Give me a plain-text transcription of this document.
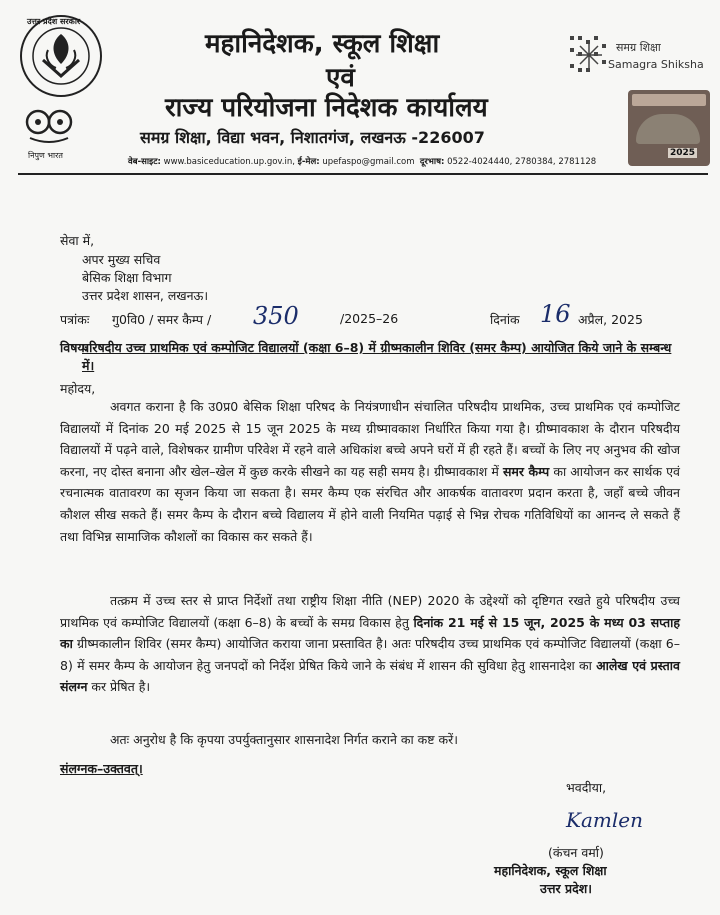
उत्तर प्रदेश सरकार
निपुण भारत
महानिदेशक, स्कूल शिक्षा
एवं
राज्य परियोजना निदेशक कार्यालय
समग्र शिक्षा, विद्या भवन, निशातगंज, लखनऊ -226007
वेब-साइट: www.basiceducation.up.gov.in, ई-मेल: upefaspo@gmail.com दूरभाष: 0522-4024440, 2780384, 2781128
समग्र शिक्षा
Samagra Shiksha
2025
सेवा में,
अपर मुख्य सचिव
बेसिक शिक्षा विभाग
उत्तर प्रदेश शासन, लखनऊ।
पत्रांकः गु0वि0 / समर कैम्प / 350	/2025–26	दिनांक 16 अप्रैल, 2025
विषयः
परिषदीय उच्च प्राथमिक एवं कम्पोजिट विद्यालयों (कक्षा 6–8) में ग्रीष्मकालीन शिविर (समर कैम्प) आयोजित किये जाने के सम्बन्ध में।
महोदय,
अवगत कराना है कि उ0प्र0 बेसिक शिक्षा परिषद के नियंत्रणाधीन संचालित परिषदीय प्राथमिक, उच्च प्राथमिक एवं कम्पोजिट विद्यालयों में दिनांक 20 मई 2025 से 15 जून 2025 के मध्य ग्रीष्मावकाश निर्धारित किया गया है। ग्रीष्मावकाश के दौरान परिषदीय विद्यालयों में पढ़ने वाले, विशेषकर ग्रामीण परिवेश में रहने वाले अधिकांश बच्चे अपने घरों में ही रहते हैं। बच्चों के लिए नए अनुभव की खोज करना, नए दोस्त बनाना और खेल–खेल में कुछ करके सीखने का यह सही समय है। ग्रीष्मावकाश में समर कैम्प का आयोजन कर सार्थक एवं रचनात्मक वातावरण का सृजन किया जा सकता है। समर कैम्प एक संरचित और आकर्षक वातावरण प्रदान करता है, जहाँ बच्चे जीवन कौशल सीख सकते हैं। समर कैम्प के दौरान बच्चे विद्यालय में होने वाली नियमित पढ़ाई से भिन्न रोचक गतिविधियों का आनन्द ले सकते हैं तथा विभिन्न सामाजिक कौशलों का विकास कर सकते हैं।
तत्क्रम में उच्च स्तर से प्राप्त निर्देशों तथा राष्ट्रीय शिक्षा नीति (NEP) 2020 के उद्देश्यों को दृष्टिगत रखते हुये परिषदीय उच्च प्राथमिक एवं कम्पोजिट विद्यालयों (कक्षा 6–8) के बच्चों के समग्र विकास हेतु दिनांक 21 मई से 15 जून, 2025 के मध्य 03 सप्ताह का ग्रीष्मकालीन शिविर (समर कैम्प) आयोजित कराया जाना प्रस्तावित है। अतः परिषदीय उच्च प्राथमिक एवं कम्पोजिट विद्यालयों (कक्षा 6–8) में समर कैम्प के आयोजन हेतु जनपदों को निर्देश प्रेषित किये जाने के संबंध में शासन की सुविधा हेतु शासनादेश का आलेख एवं प्रस्ताव संलग्न कर प्रेषित है।
अतः अनुरोध है कि कृपया उपर्युक्तानुसार शासनादेश निर्गत कराने का कष्ट करें।
संलग्नक–उक्तवत्।
भवदीया,
Kamlen
(कंचन वर्मा)
महानिदेशक, स्कूल शिक्षा
उत्तर प्रदेश।
